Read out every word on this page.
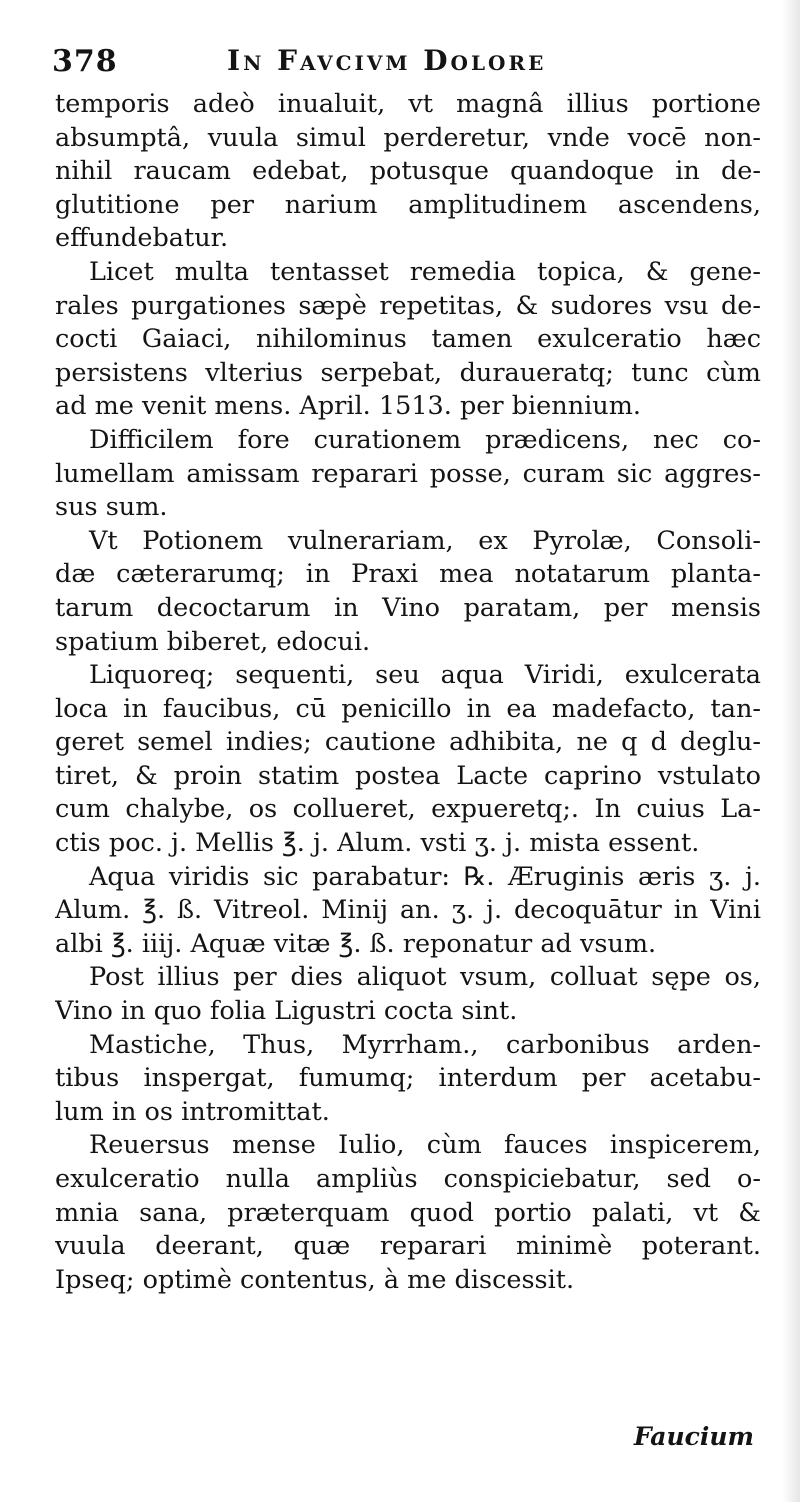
378	In Favcivm Dolore
temporis adeò inualuit, vt magnâ illius portione
absumptâ, vuula simul perderetur, vnde vocē non-
nihil raucam edebat, potusque quandoque in de-
glutitione per narium amplitudinem ascendens,
effundebatur.
Licet multa tentasset remedia topica, & gene-
rales purgationes sæpè repetitas, & sudores vsu de-
cocti Gaiaci, nihilominus tamen exulceratio hæc
persistens vlterius serpebat, duraueratq; tunc cùm
ad me venit mens. April. 1513. per biennium.
Difficilem fore curationem prædicens, nec co-
lumellam amissam reparari posse, curam sic aggres-
sus sum.
Vt Potionem vulnerariam, ex Pyrolæ, Consoli-
dæ cæterarumq; in Praxi mea notatarum planta-
tarum decoctarum in Vino paratam, per mensis
spatium biberet, edocui.
Liquoreq; sequenti, seu aqua Viridi, exulcerata
loca in faucibus, cū penicillo in ea madefacto, tan-
geret semel indies; cautione adhibita, ne q d deglu-
tiret, & proin statim postea Lacte caprino vstulato
cum chalybe, os collueret, expueretq;. In cuius La-
ctis poc. j. Mellis ℥. j. Alum. vsti ʒ. j. mista essent.
Aqua viridis sic parabatur: ℞. Æruginis æris ʒ. j.
Alum. ℥. ß. Vitreol. Minij an. ʒ. j. decoquātur in Vini
albi ℥. iiij. Aquæ vitæ ℥. ß. reponatur ad vsum.
Post illius per dies aliquot vsum, colluat sępe os,
Vino in quo folia Ligustri cocta sint.
Mastiche, Thus, Myrrham., carbonibus arden-
tibus inspergat, fumumq; interdum per acetabu-
lum in os intromittat.
Reuersus mense Iulio, cùm fauces inspicerem,
exulceratio nulla ampliùs conspiciebatur, sed o-
mnia sana, præterquam quod portio palati, vt &
vuula deerant, quæ reparari minimè poterant.
Ipseq; optimè contentus, à me discessit.
Faucium
